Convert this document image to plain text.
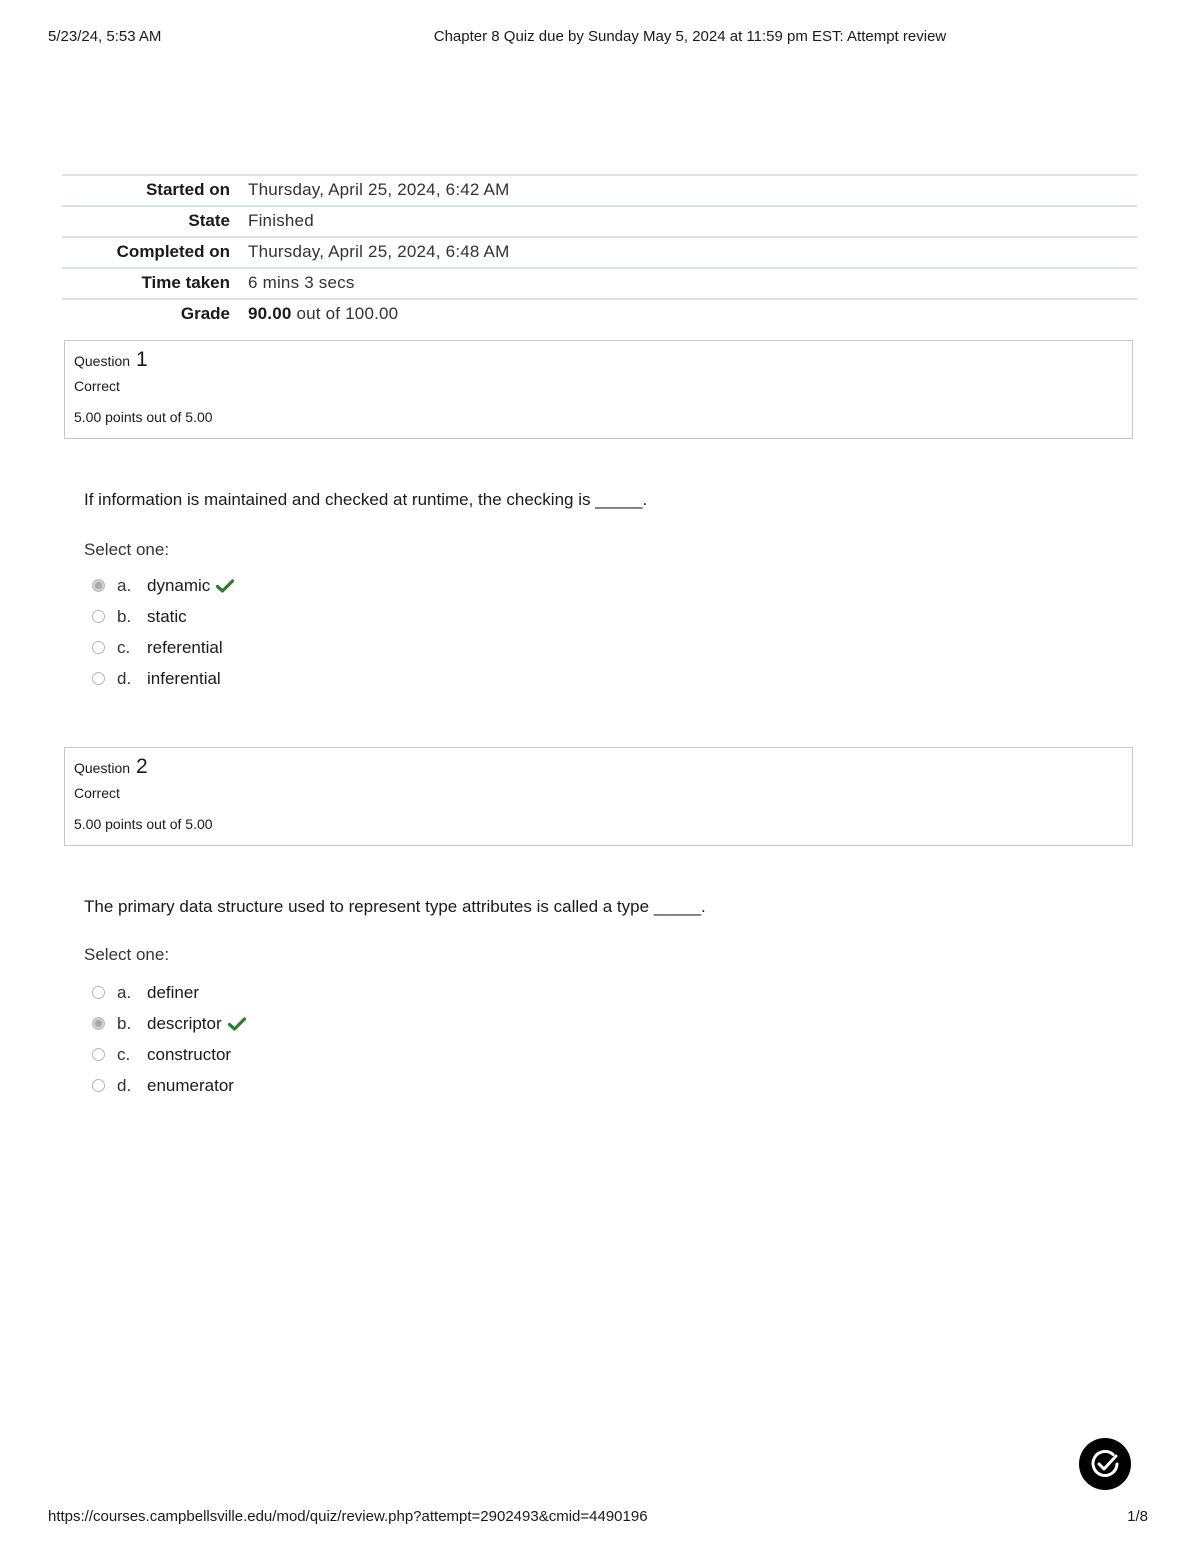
5/23/24, 5:53 AM	Chapter 8 Quiz due by Sunday May 5, 2024 at 11:59 pm EST: Attempt review
Started on	Thursday, April 25, 2024, 6:42 AM
State	Finished
Completed on	Thursday, April 25, 2024, 6:48 AM
Time taken	6 mins 3 secs
Grade	90.00 out of 100.00
Question 1
Correct
5.00 points out of 5.00
If information is maintained and checked at runtime, the checking is _____.
Select one:
a. dynamic
b. static
c. referential
d. inferential
Question 2
Correct
5.00 points out of 5.00
The primary data structure used to represent type attributes is called a type _____.
Select one:
a. definer
b. descriptor
c. constructor
d. enumerator
https://courses.campbellsville.edu/mod/quiz/review.php?attempt=2902493&cmid=4490196	1/8
